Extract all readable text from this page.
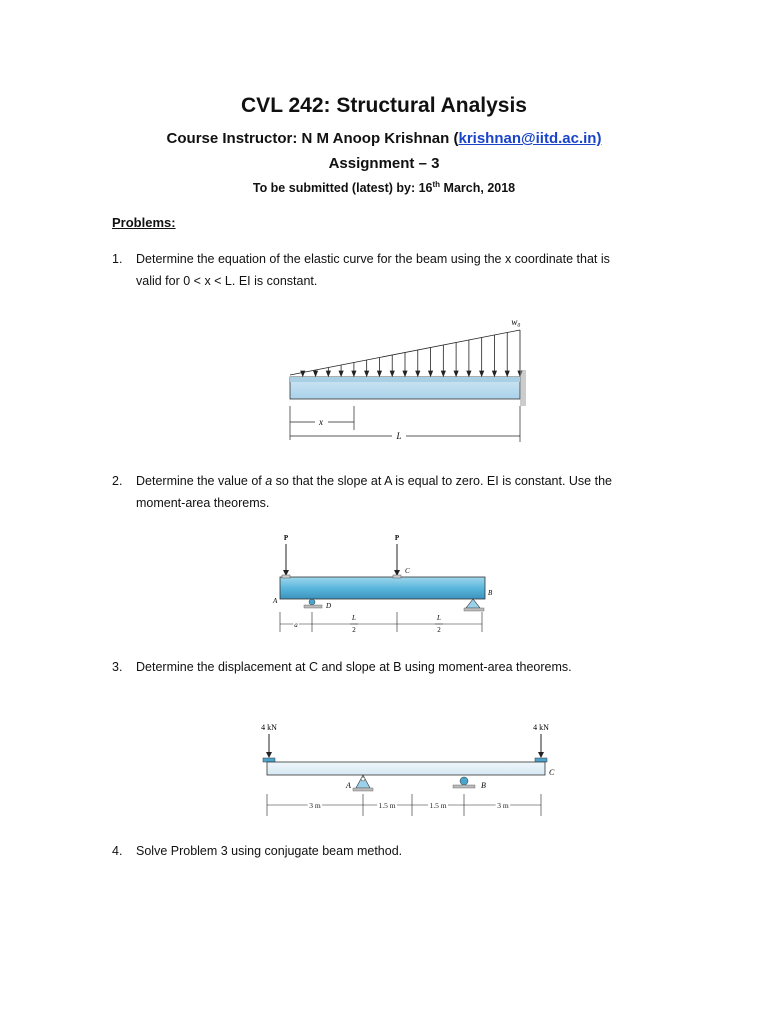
CVL 242: Structural Analysis
Course Instructor: N M Anoop Krishnan (krishnan@iitd.ac.in)
Assignment – 3
To be submitted (latest) by: 16th March, 2018
Problems:
1.	Determine the equation of the elastic curve for the beam using the x coordinate that is
valid for 0 < x < L. EI is constant.
w₀
x
L
2.	Determine the value of a so that the slope at A is equal to zero. EI is constant. Use the
moment-area theorems.
P	P
C
A
D
B
a
L
2
L
2
3.	Determine the displacement at C and slope at B using moment-area theorems.
4 kN	4 kN
C
A	B
3 m	1.5 m	1.5 m	3 m
4.	Solve Problem 3 using conjugate beam method.
